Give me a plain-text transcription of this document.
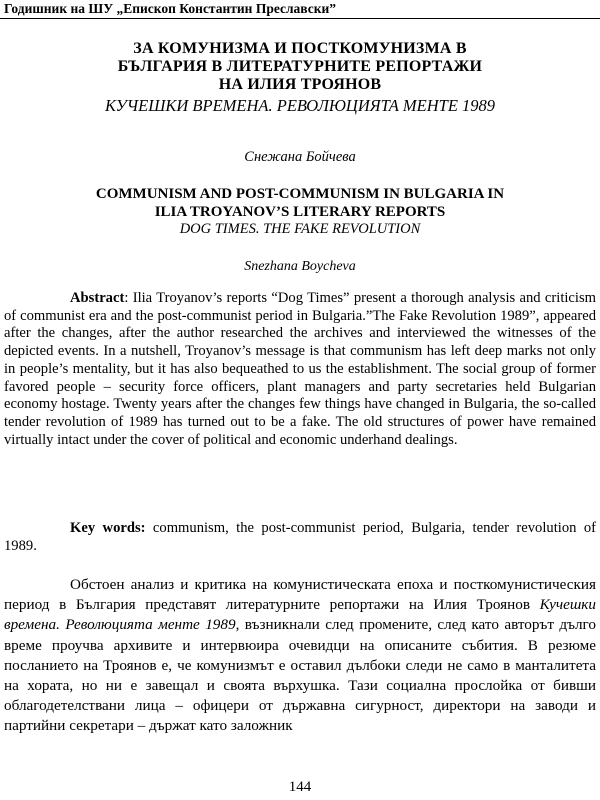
Годишник на ШУ „Епископ Константин Преславски”
ЗА КОМУНИЗМА И ПОСТКОМУНИЗМА В
БЪЛГАРИЯ В ЛИТЕРАТУРНИТЕ РЕПОРТАЖИ
НА ИЛИЯ ТРОЯНОВ
КУЧЕШКИ ВРЕМЕНА. РЕВОЛЮЦИЯТА МЕНТЕ 1989
Снежана Бойчева
COMMUNISM AND POST-COMMUNISM IN BULGARIA IN
ILIA TROYANOV’S LITERARY REPORTS
DOG TIMES. THE FAKE REVOLUTION
Snezhana Boycheva

Abstract: Ilia Troyanov’s reports “Dog Times” present a thorough analysis and criticism of communist era and the post-communist period in Bulgaria.”The Fake Revolution 1989”, appeared after the changes, after the author researched the archives and interviewed the witnesses of the depicted events. In a nutshell, Troyanov’s message is that communism has left deep marks not only in people’s mentality, but it has also bequeathed to us the establishment. The social group of former favored people – security force officers, plant managers and party secretaries held Bulgarian economy hostage. Twenty years after the changes few things have changed in Bulgaria, the so-called tender revolution of 1989 has turned out to be a fake. The old structures of power have remained virtually intact under the cover of political and economic underhand dealings.

Key words: communism, the post-communist period, Bulgaria, tender revolution of 1989.

Обстоен анализ и критика на комунистическата епоха и посткомунистическия период в България представят литературните репортажи на Илия Троянов Кучешки времена. Революцията менте 1989, възникнали след промените, след като авторът дълго време проучва архивите и интервюира очевидци на описаните събития. В резюме посланието на Троянов е, че комунизмът е оставил дълбоки следи не само в манталитета на хората, но ни е завещал и своята върхушка. Тази социална прослойка от бивши облагодетелствани лица – офицери от държавна сигурност, директори на заводи и партийни секретари – държат като заложник

144
